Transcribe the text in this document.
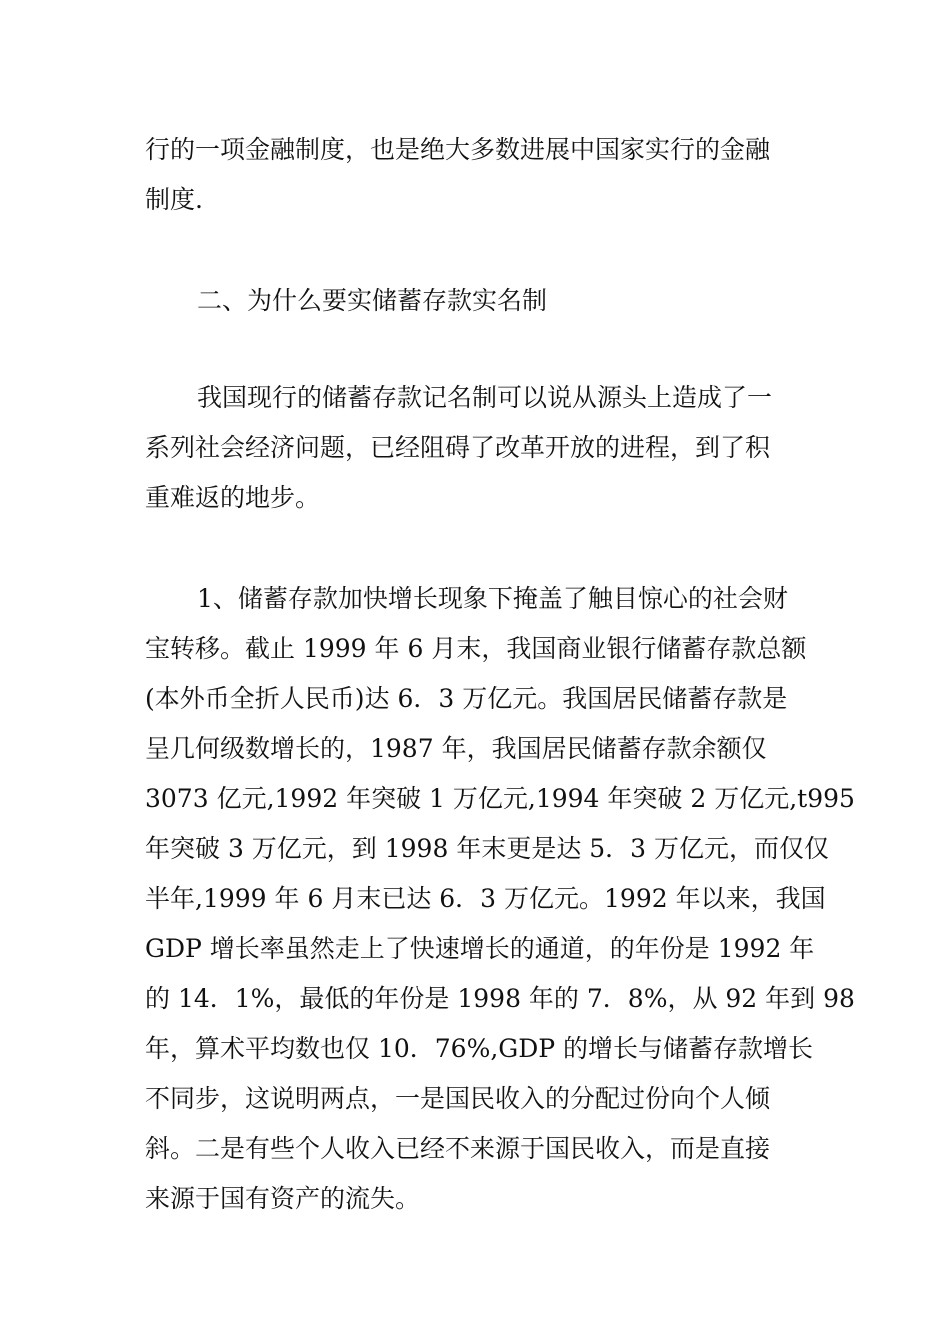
行的一项金融制度，也是绝大多数进展中国家实行的金融
制度.
二、为什么要实储蓄存款实名制
我国现行的储蓄存款记名制可以说从源头上造成了一
系列社会经济问题，已经阻碍了改革开放的进程，到了积
重难返的地步。
1、储蓄存款加快增长现象下掩盖了触目惊心的社会财
宝转移。截止 1999 年 6 月末，我国商业银行储蓄存款总额
(本外币全折人民币)达 6．3 万亿元。我国居民储蓄存款是
呈几何级数增长的，1987 年，我国居民储蓄存款余额仅
3073 亿元,1992 年突破 1 万亿元,1994 年突破 2 万亿元,t995
年突破 3 万亿元，到 1998 年末更是达 5．3 万亿元，而仅仅
半年,1999 年 6 月末已达 6．3 万亿元。1992 年以来，我国
GDP 增长率虽然走上了快速增长的通道，的年份是 1992 年
的 14．1%，最低的年份是 1998 年的 7．8%，从 92 年到 98
年，算术平均数也仅 10．76%,GDP 的增长与储蓄存款增长
不同步，这说明两点，一是国民收入的分配过份向个人倾
斜。二是有些个人收入已经不来源于国民收入，而是直接
来源于国有资产的流失。
